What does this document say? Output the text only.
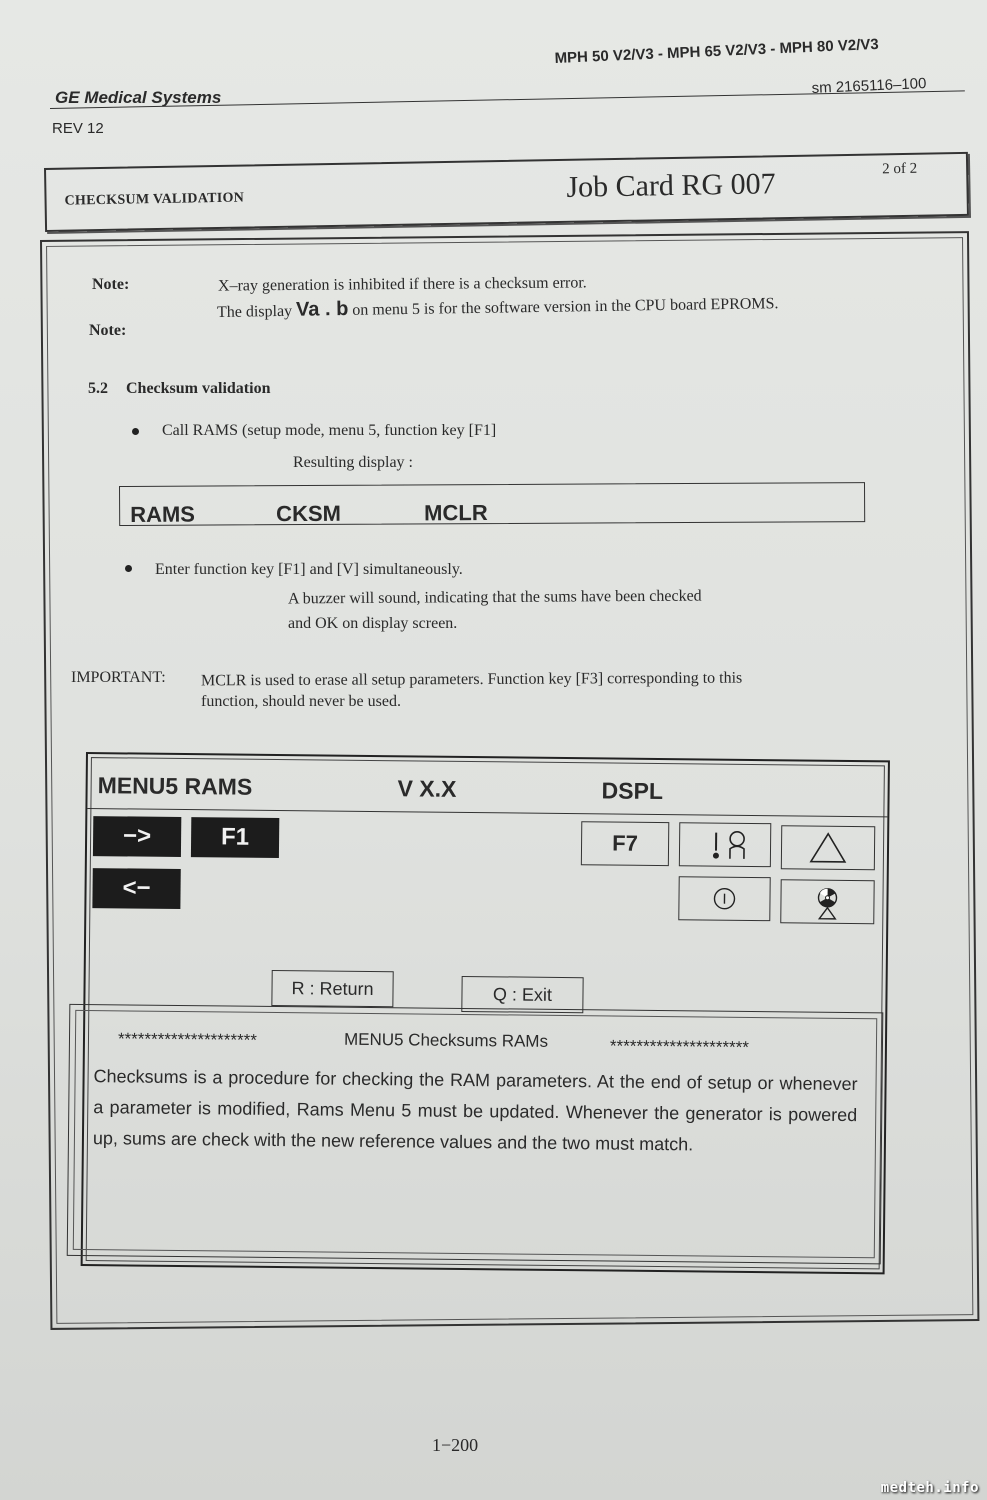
GE Medical Systems
REV 12
MPH 50 V2/V3 - MPH 65 V2/V3 - MPH 80 V2/V3
sm 2165116–100
CHECKSUM VALIDATION	Job Card RG 007	2 of 2
Note:	X–ray generation is inhibited if there is a checksum error.
Note:
The display Va . b on menu 5 is for the software version in the CPU board EPROMS.
5.2 Checksum validation
Call RAMS (setup mode, menu 5, function key [F1]
Resulting display :
RAMS	CKSM	MCLR
Enter function key [F1] and [V] simultaneously.
A buzzer will sound, indicating that the sums have been checked
and OK on display screen.
IMPORTANT: MCLR is used to erase all setup parameters. Function key [F3] corresponding to this
function, should never be used.
MENU5 RAMS	V X.X	DSPL
−>	F1
<−
F7
R : Return	Q : Exit
*********************	MENU5 Checksums RAMs	*********************
Checksums is a procedure for checking the RAM parameters. At the end of setup or whenever a parameter is modified, Rams Menu 5 must be updated. Whenever the generator is powered up, sums are check with the new reference values and the two must match.
1−200
medteh.info
